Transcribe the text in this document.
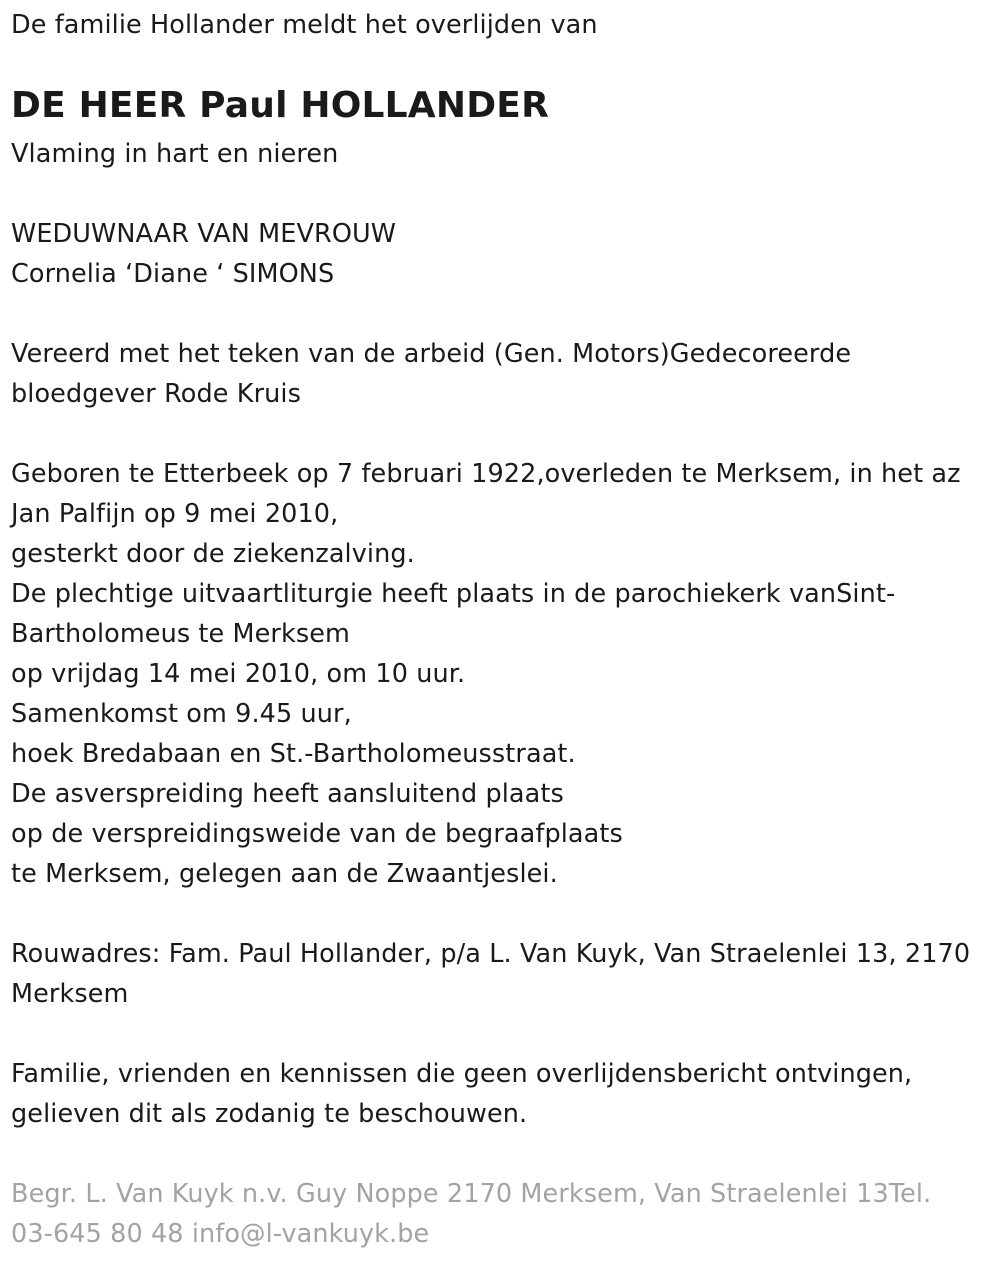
De familie Hollander meldt het overlijden van
DE HEER Paul HOLLANDER
Vlaming in hart en nieren
WEDUWNAAR VAN MEVROUW
Cornelia ‘Diane ‘ SIMONS
Vereerd met het teken van de arbeid (Gen. Motors)Gedecoreerde
bloedgever Rode Kruis
Geboren te Etterbeek op 7 februari 1922,overleden te Merksem, in het az
Jan Palfijn op 9 mei 2010,
gesterkt door de ziekenzalving.
De plechtige uitvaartliturgie heeft plaats in de parochiekerk vanSint-
Bartholomeus te Merksem
op vrijdag 14 mei 2010, om 10 uur.
Samenkomst om 9.45 uur,
hoek Bredabaan en St.-Bartholomeusstraat.
De asverspreiding heeft aansluitend plaats
op de verspreidingsweide van de begraafplaats
te Merksem, gelegen aan de Zwaantjeslei.
Rouwadres: Fam. Paul Hollander, p/a L. Van Kuyk, Van Straelenlei 13, 2170
Merksem
Familie, vrienden en kennissen die geen overlijdensbericht ontvingen,
gelieven dit als zodanig te beschouwen.
Begr. L. Van Kuyk n.v. Guy Noppe 2170 Merksem, Van Straelenlei 13Tel.
03-645 80 48 info@l-vankuyk.be
